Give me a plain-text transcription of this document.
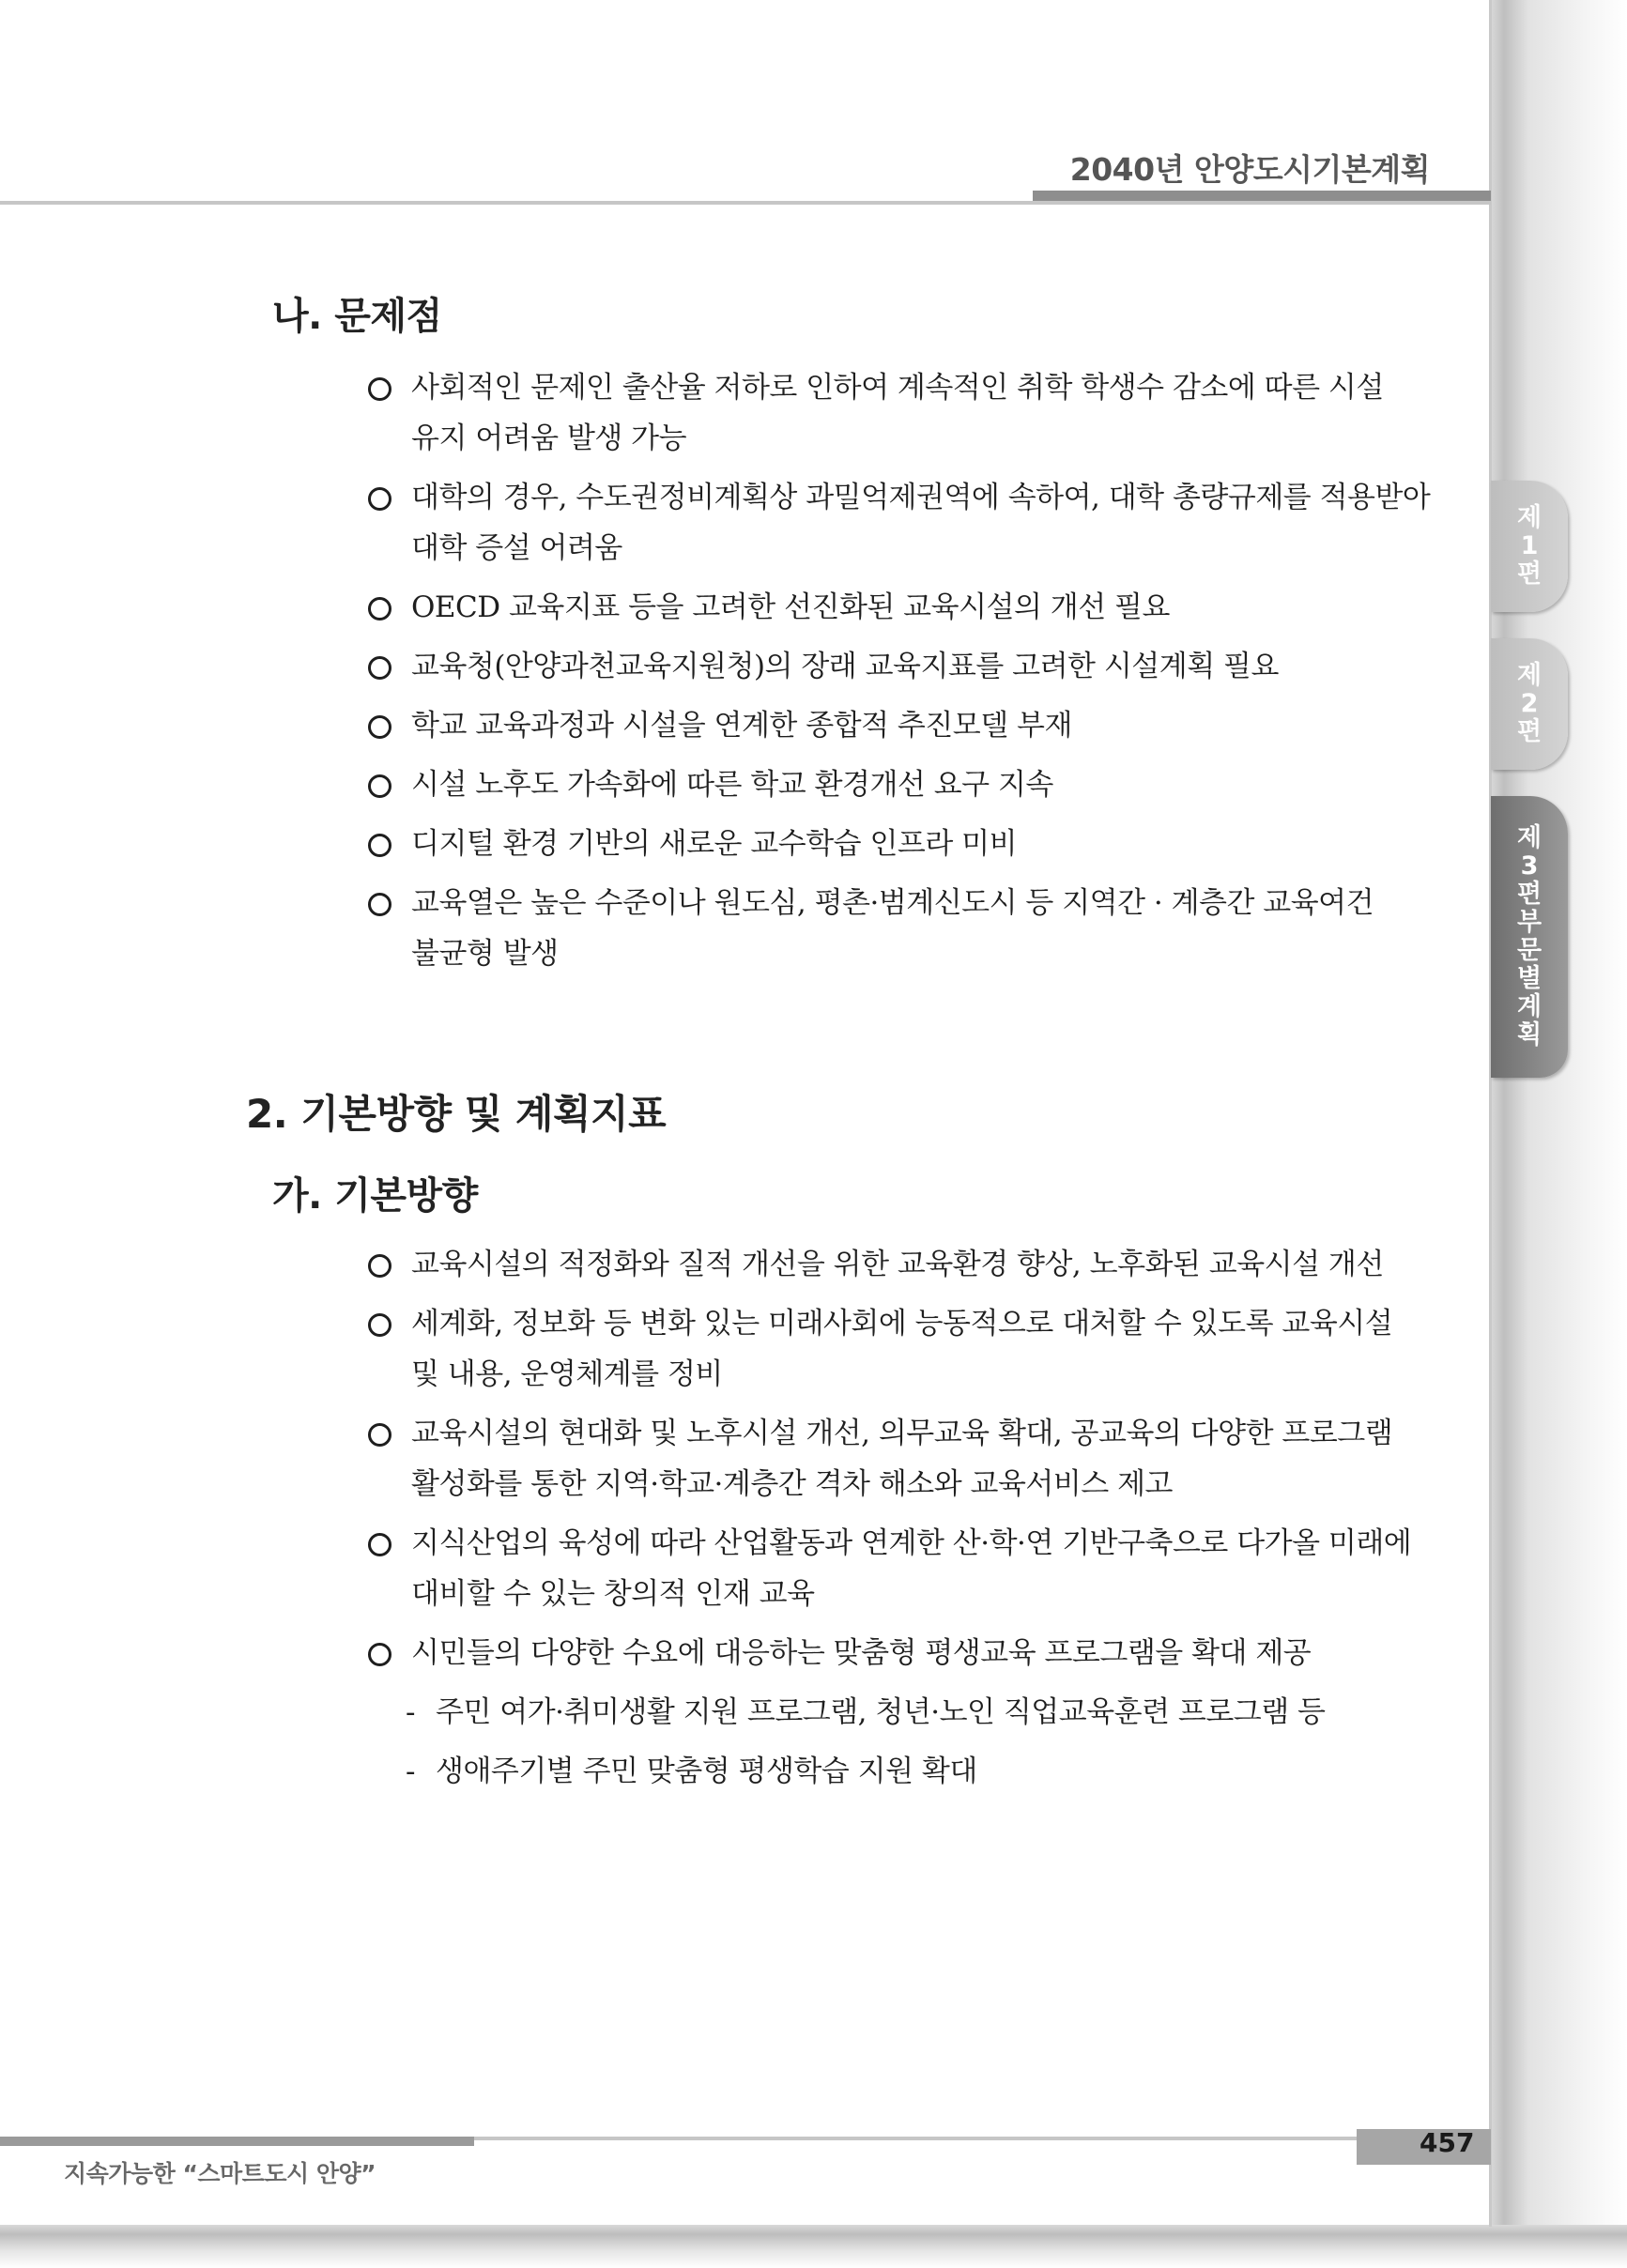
2040년 안양도시기본계획
제
1
편
제
2
편
제
3
편
부
문
별
계
획
나. 문제점
사회적인 문제인 출산율 저하로 인하여 계속적인 취학 학생수 감소에 따른 시설
유지 어려움 발생 가능
대학의 경우, 수도권정비계획상 과밀억제권역에 속하여, 대학 총량규제를 적용받아
대학 증설 어려움
OECD 교육지표 등을 고려한 선진화된 교육시설의 개선 필요
교육청(안양과천교육지원청)의 장래 교육지표를 고려한 시설계획 필요
학교 교육과정과 시설을 연계한 종합적 추진모델 부재
시설 노후도 가속화에 따른 학교 환경개선 요구 지속
디지털 환경 기반의 새로운 교수학습 인프라 미비
교육열은 높은 수준이나 원도심, 평촌·범계신도시 등 지역간 · 계층간 교육여건
불균형 발생
2. 기본방향 및 계획지표
가. 기본방향
교육시설의 적정화와 질적 개선을 위한 교육환경 향상, 노후화된 교육시설 개선
세계화, 정보화 등 변화 있는 미래사회에 능동적으로 대처할 수 있도록 교육시설
및 내용, 운영체계를 정비
교육시설의 현대화 및 노후시설 개선, 의무교육 확대, 공교육의 다양한 프로그램
활성화를 통한 지역·학교·계층간 격차 해소와 교육서비스 제고
지식산업의 육성에 따라 산업활동과 연계한 산·학·연 기반구축으로 다가올 미래에
대비할 수 있는 창의적 인재 교육
시민들의 다양한 수요에 대응하는 맞춤형 평생교육 프로그램을 확대 제공
- 주민 여가·취미생활 지원 프로그램, 청년·노인 직업교육훈련 프로그램 등
- 생애주기별 주민 맞춤형 평생학습 지원 확대
457
지속가능한 “스마트도시 안양”
